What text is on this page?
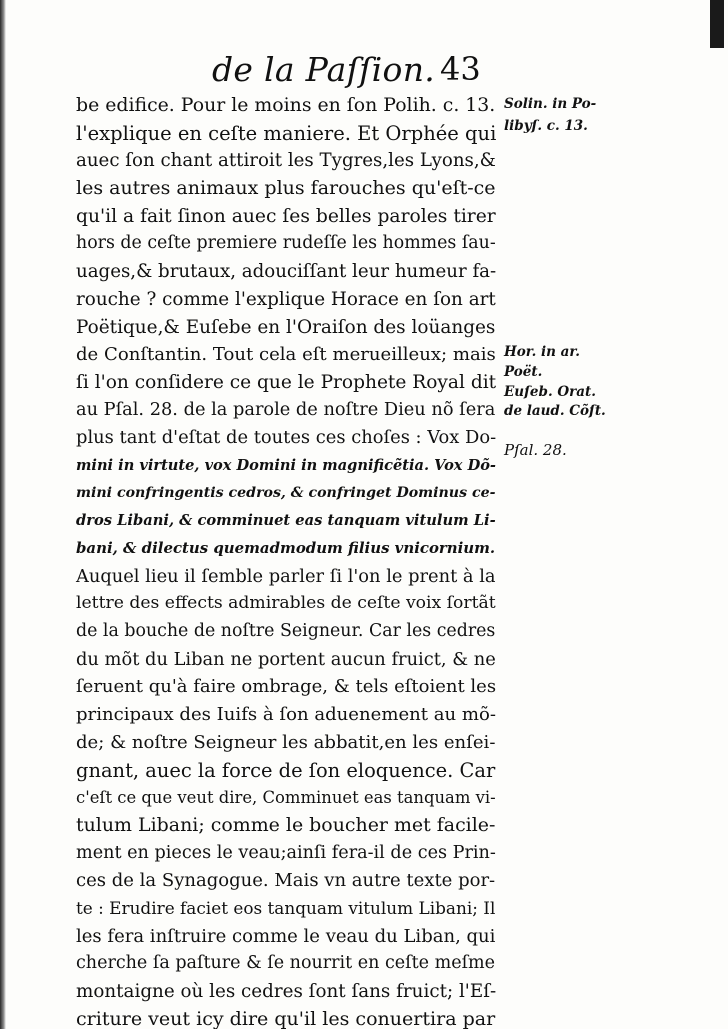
de la Paſſion. 43
be edifice. Pour le moins en ſon Polih. c. 13.
l'explique en ceſte maniere. Et Orphée qui
auec ſon chant attiroit les Tygres,les Lyons,&
les autres animaux plus farouches qu'eſt-ce
qu'il a fait ſinon auec ſes belles paroles tirer
hors de ceſte premiere rudeſſe les hommes ſau-
uages,& brutaux, adouciſſant leur humeur fa-
rouche ? comme l'explique Horace en ſon art
Poëtique,& Euſebe en l'Oraiſon des loüanges
de Conſtantin. Tout cela eſt merueilleux; mais
ſi l'on conſidere ce que le Prophete Royal dit
au Pſal. 28. de la parole de noſtre Dieu nõ ſera
plus tant d'eſtat de toutes ces choſes : Vox Do-
mini in virtute, vox Domini in magnificẽtia. Vox Dõ-
mini confringentis cedros, & confringet Dominus ce-
dros Libani, & comminuet eas tanquam vitulum Li-
bani, & dilectus quemadmodum filius vnicornium.
Auquel lieu il ſemble parler ſi l'on le prent à la
lettre des effects admirables de ceſte voix ſortãt
de la bouche de noſtre Seigneur. Car les cedres
du mõt du Liban ne portent aucun fruict, & ne
ſeruent qu'à faire ombrage, & tels eſtoient les
principaux des Iuifs à ſon aduenement au mõ-
de; & noſtre Seigneur les abbatit,en les enſei-
gnant, auec la force de ſon eloquence. Car
c'eſt ce que veut dire, Comminuet eas tanquam vi-
tulum Libani; comme le boucher met facile-
ment en pieces le veau;ainſi fera-il de ces Prin-
ces de la Synagogue. Mais vn autre texte por-
te : Erudire faciet eos tanquam vitulum Libani; Il
les fera inſtruire comme le veau du Liban, qui
cherche ſa paſture & ſe nourrit en ceſte meſme
montaigne où les cedres ſont ſans fruict; l'Eſ-
criture veut icy dire qu'il les conuertira par
Solin. in Po-
libyſ. c. 13.
Hor. in ar.
Poët.
Euſeb. Orat.
de laud. Cõſt.
Pſal. 28.
